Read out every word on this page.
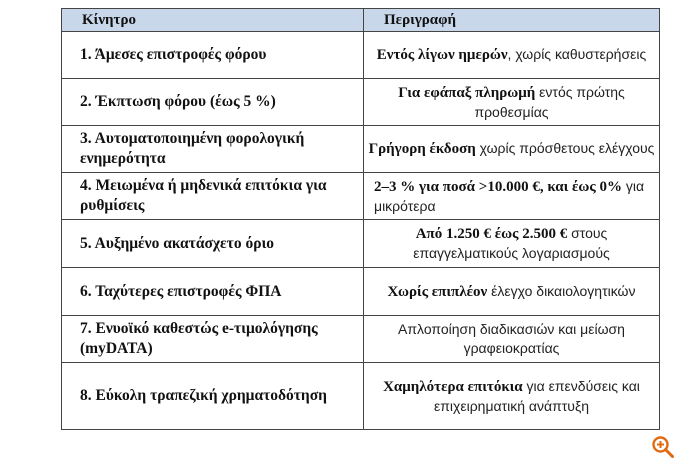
Κίνητρο	Περιγραφή
1. Άμεσες επιστροφές φόρου	Εντός λίγων ημερών, χωρίς καθυστερήσεις
2. Έκπτωση φόρου (έως 5 %)	Για εφάπαξ πληρωμή εντός πρώτης προθεσμίας
3. Αυτοματοποιημένη φορολογική ενημερότητα	Γρήγορη έκδοση χωρίς πρόσθετους ελέγχους
4. Μειωμένα ή μηδενικά επιτόκια για ρυθμίσεις	2–3 % για ποσά >10.000 €, και έως 0% για μικρότερα
5. Αυξημένο ακατάσχετο όριο	Από 1.250 € έως 2.500 € στους επαγγελματικούς λογαριασμούς
6. Ταχύτερες επιστροφές ΦΠΑ	Χωρίς επιπλέον έλεγχο δικαιολογητικών
7. Ενυοϊκό καθεστώς e-τιμολόγησης (myDATA)	Απλοποίηση διαδικασιών και μείωση γραφειοκρατίας
8. Εύκολη τραπεζική χρηματοδότηση	Χαμηλότερα επιτόκια για επενδύσεις και επιχειρηματική ανάπτυξη
